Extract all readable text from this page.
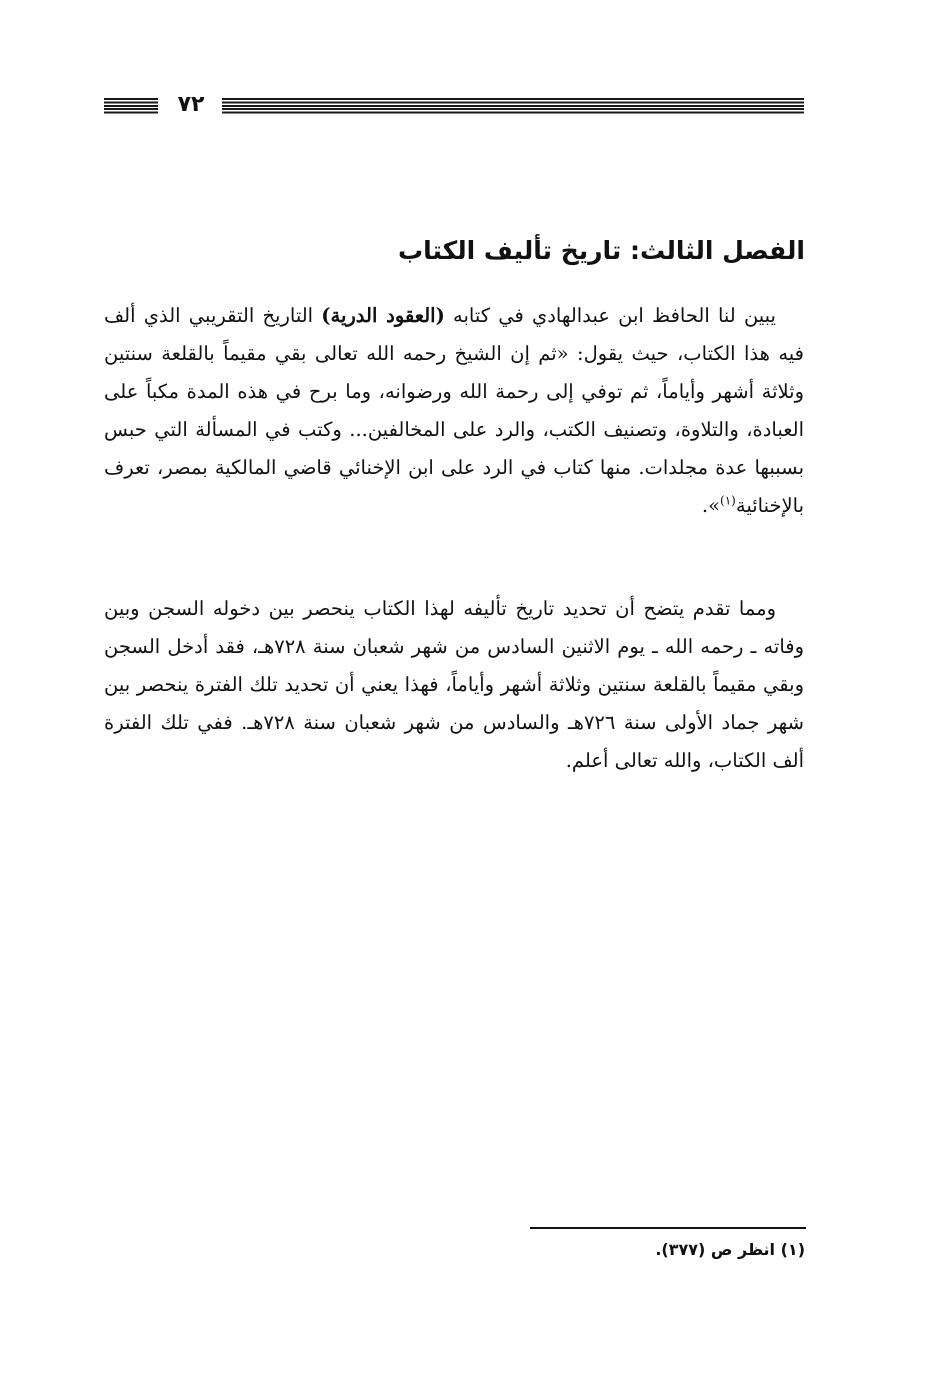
٧٢
الفصل الثالث: تاريخ تأليف الكتاب

يبين لنا الحافظ ابن عبدالهادي في كتابه (العقود الدرية) التاريخ التقريبي الذي ألف فيه هذا الكتاب، حيث يقول: «ثم إن الشيخ رحمه الله تعالى بقي مقيماً بالقلعة سنتين وثلاثة أشهر وأياماً، ثم توفي إلى رحمة الله ورضوانه، وما برح في هذه المدة مكباً على العبادة، والتلاوة، وتصنيف الكتب، والرد على المخالفين... وكتب في المسألة التي حبس بسببها عدة مجلدات. منها كتاب في الرد على ابن الإخنائي قاضي المالكية بمصر، تعرف بالإخنائية$^{(١)}$».

ومما تقدم يتضح أن تحديد تاريخ تأليفه لهذا الكتاب ينحصر بين دخوله السجن وبين وفاته ـ رحمه الله ـ يوم الاثنين السادس من شهر شعبان سنة ٧٢٨هـ، فقد أدخل السجن وبقي مقيماً بالقلعة سنتين وثلاثة أشهر وأياماً، فهذا يعني أن تحديد تلك الفترة ينحصر بين شهر جماد الأولى سنة ٧٢٦هـ والسادس من شهر شعبان سنة ٧٢٨هـ. ففي تلك الفترة ألف الكتاب، والله تعالى أعلم.

(١) انظر ص (٣٧٧).
